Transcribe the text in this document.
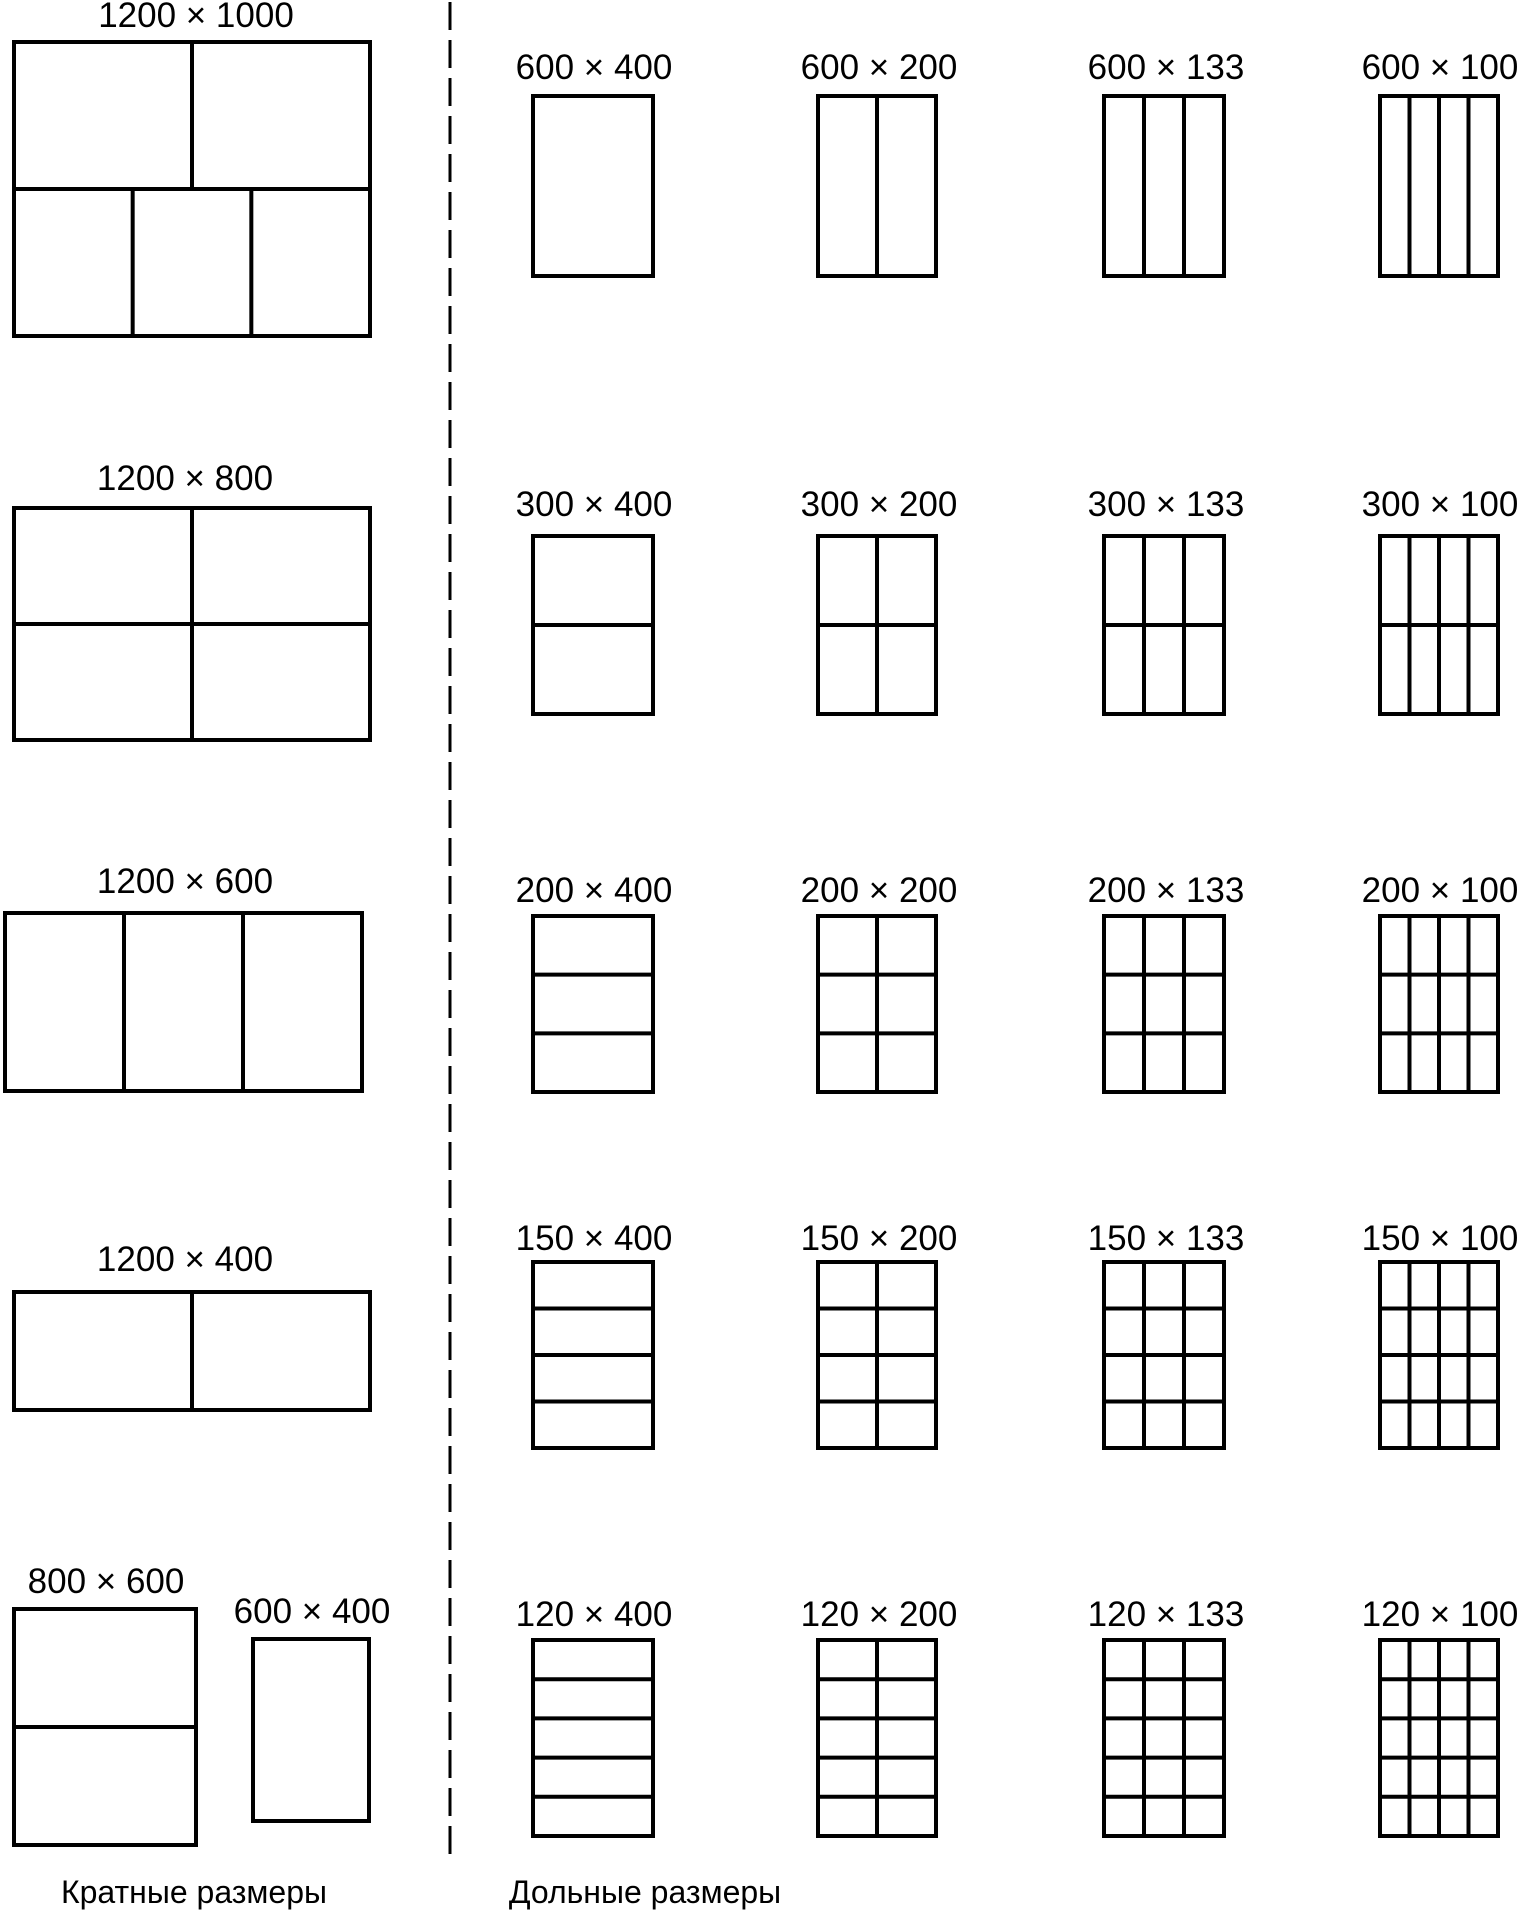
1200 × 1000
1200 × 800
1200 × 600
1200 × 400
800 × 600
600 × 400
600 × 400	600 × 200	600 × 133	600 × 100
300 × 400	300 × 200	300 × 133	300 × 100
200 × 400	200 × 200	200 × 133	200 × 100
150 × 400	150 × 200	150 × 133	150 × 100
120 × 400	120 × 200	120 × 133	120 × 100
Кратные размеры	Дольные размеры
